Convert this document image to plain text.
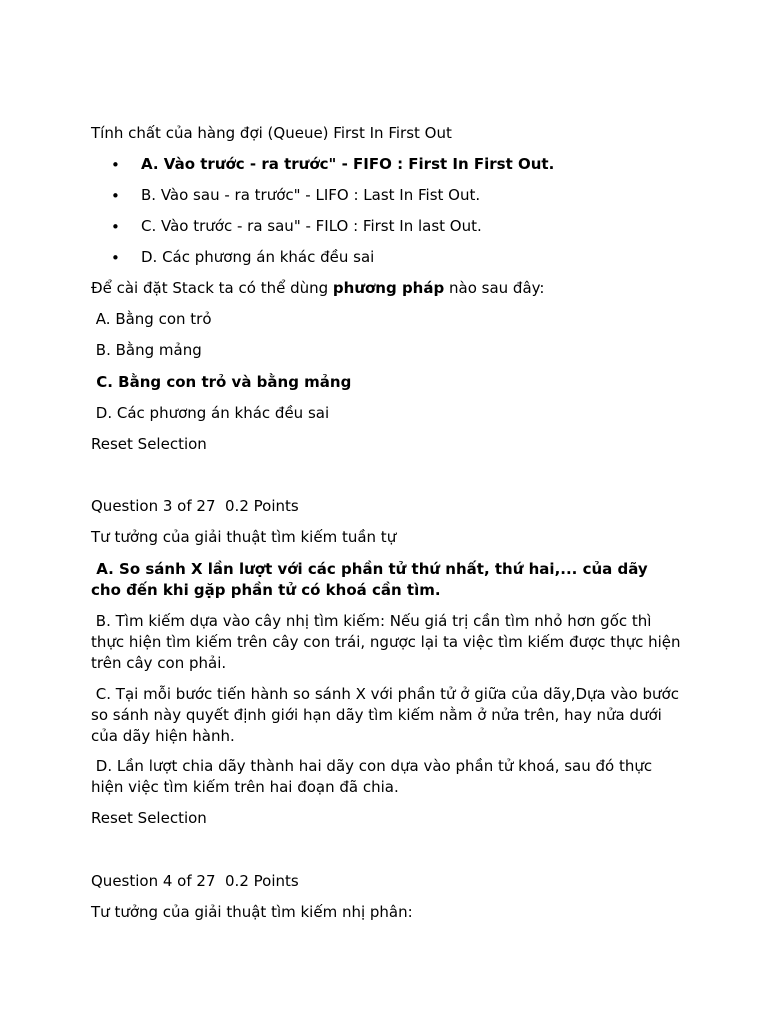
Tính chất của hàng đợi (Queue) First In First Out
• A. Vào trước - ra trước" - FIFO : First In First Out.
• B. Vào sau - ra trước" - LIFO : Last In Fist Out.
• C. Vào trước - ra sau" - FILO : First In last Out.
• D. Các phương án khác đều sai
Để cài đặt Stack ta có thể dùng phương pháp nào sau đây:
A. Bằng con trỏ
B. Bằng mảng
C. Bằng con trỏ và bằng mảng
D. Các phương án khác đều sai
Reset Selection
Question 3 of 27  0.2 Points
Tư tưởng của giải thuật tìm kiếm tuần tự
A. So sánh X lần lượt với các phần tử thứ nhất, thứ hai,... của dãy cho đến khi gặp phần tử có khoá cần tìm.
B. Tìm kiếm dựa vào cây nhị tìm kiếm: Nếu giá trị cần tìm nhỏ hơn gốc thì thực hiện tìm kiếm trên cây con trái, ngược lại ta việc tìm kiếm được thực hiện trên cây con phải.
C. Tại mỗi bước tiến hành so sánh X với phần tử ở giữa của dãy,Dựa vào bước so sánh này quyết định giới hạn dãy tìm kiếm nằm ở nửa trên, hay nửa dưới của dãy hiện hành.
D. Lần lượt chia dãy thành hai dãy con dựa vào phần tử khoá, sau đó thực hiện việc tìm kiếm trên hai đoạn đã chia.
Reset Selection
Question 4 of 27  0.2 Points
Tư tưởng của giải thuật tìm kiếm nhị phân:
